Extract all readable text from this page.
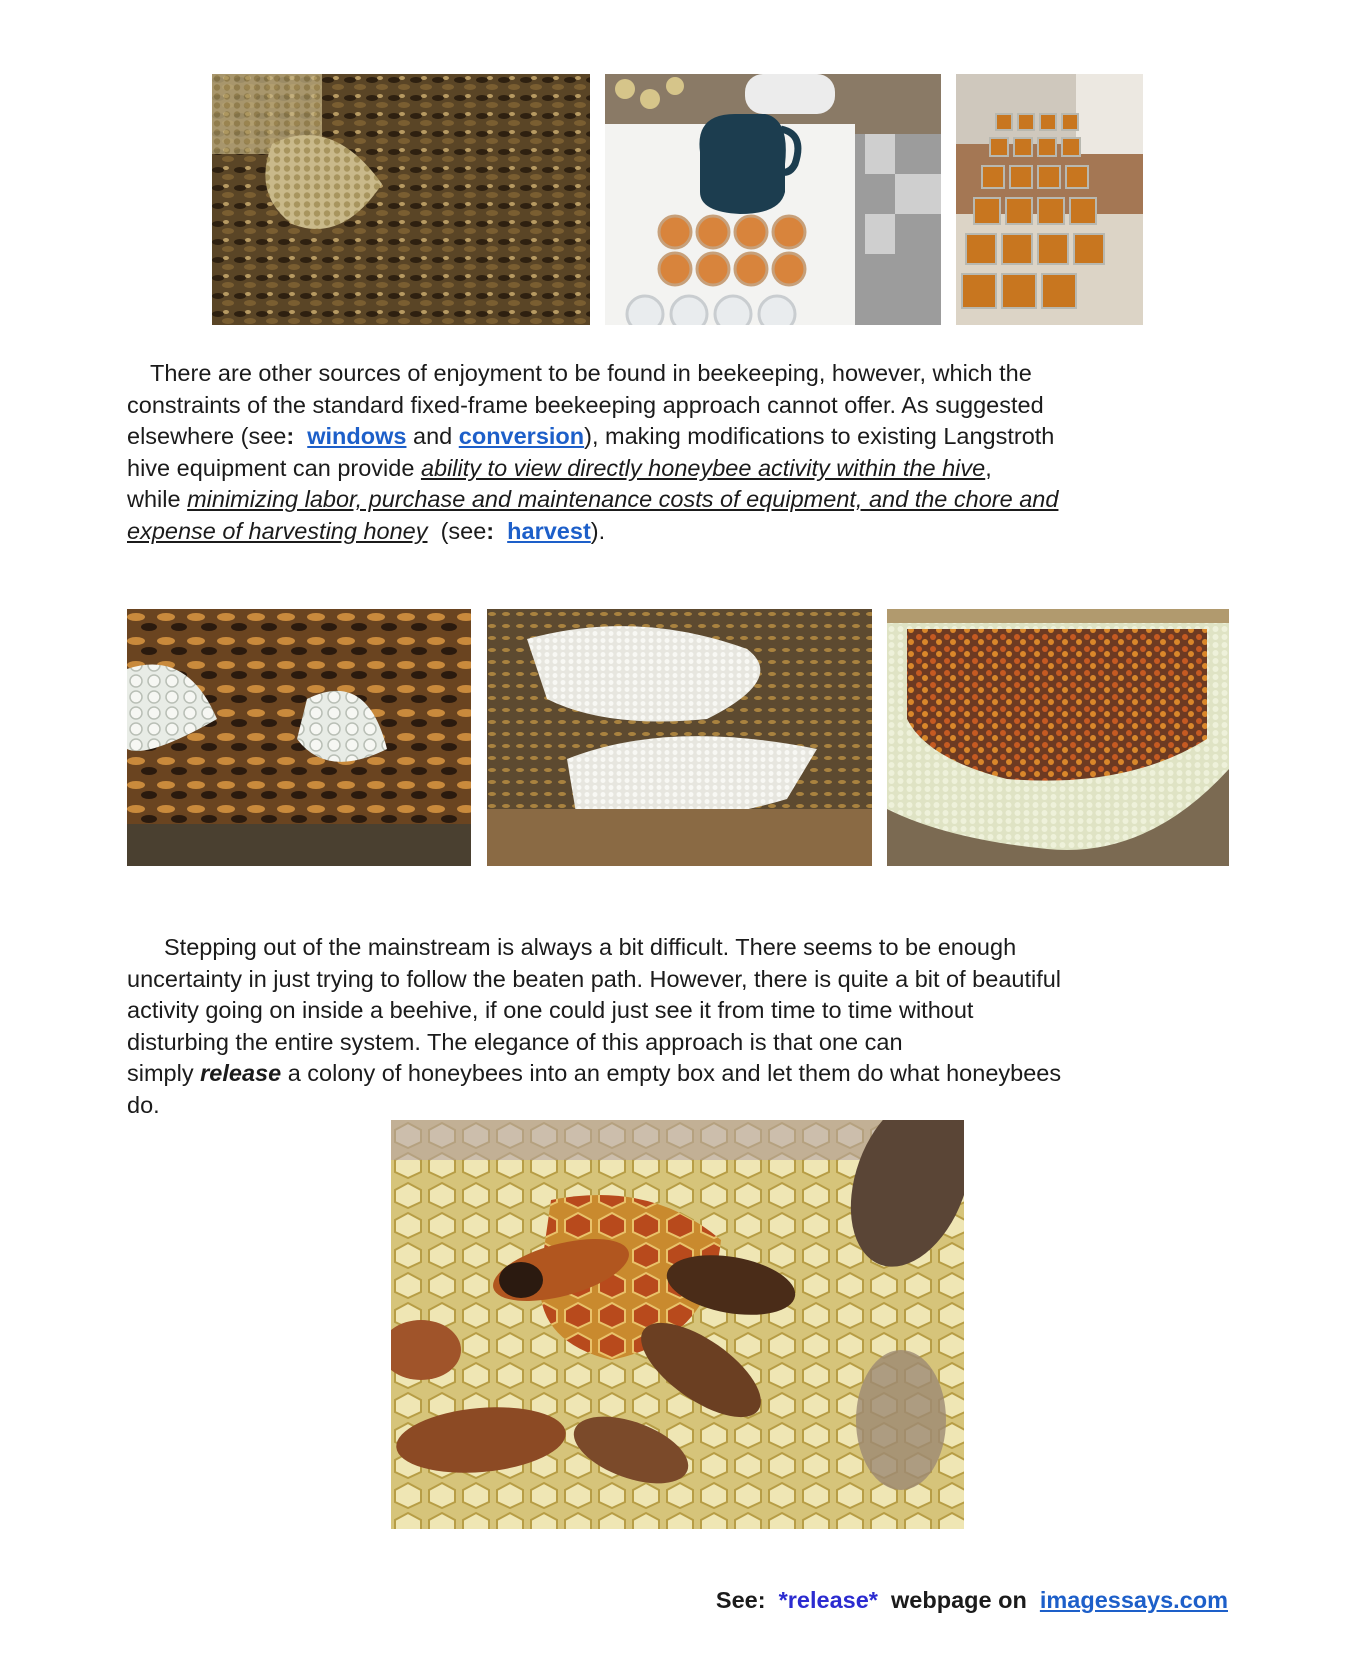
There are other sources of enjoyment to be found in beekeeping, however, which the
constraints of the standard fixed-frame beekeeping approach cannot offer. As suggested
elsewhere (see: windows and conversion), making modifications to existing Langstroth
hive equipment can provide ability to view directly honeybee activity within the hive,
while minimizing labor, purchase and maintenance costs of equipment, and the chore and
expense of harvesting honey (see: harvest).
Stepping out of the mainstream is always a bit difficult. There seems to be enough
uncertainty in just trying to follow the beaten path. However, there is quite a bit of beautiful
activity going on inside a beehive, if one could just see it from time to time without
disturbing the entire system. The elegance of this approach is that one can
simply release a colony of honeybees into an empty box and let them do what honeybees
do.

See: *release* webpage on imagessays.com
